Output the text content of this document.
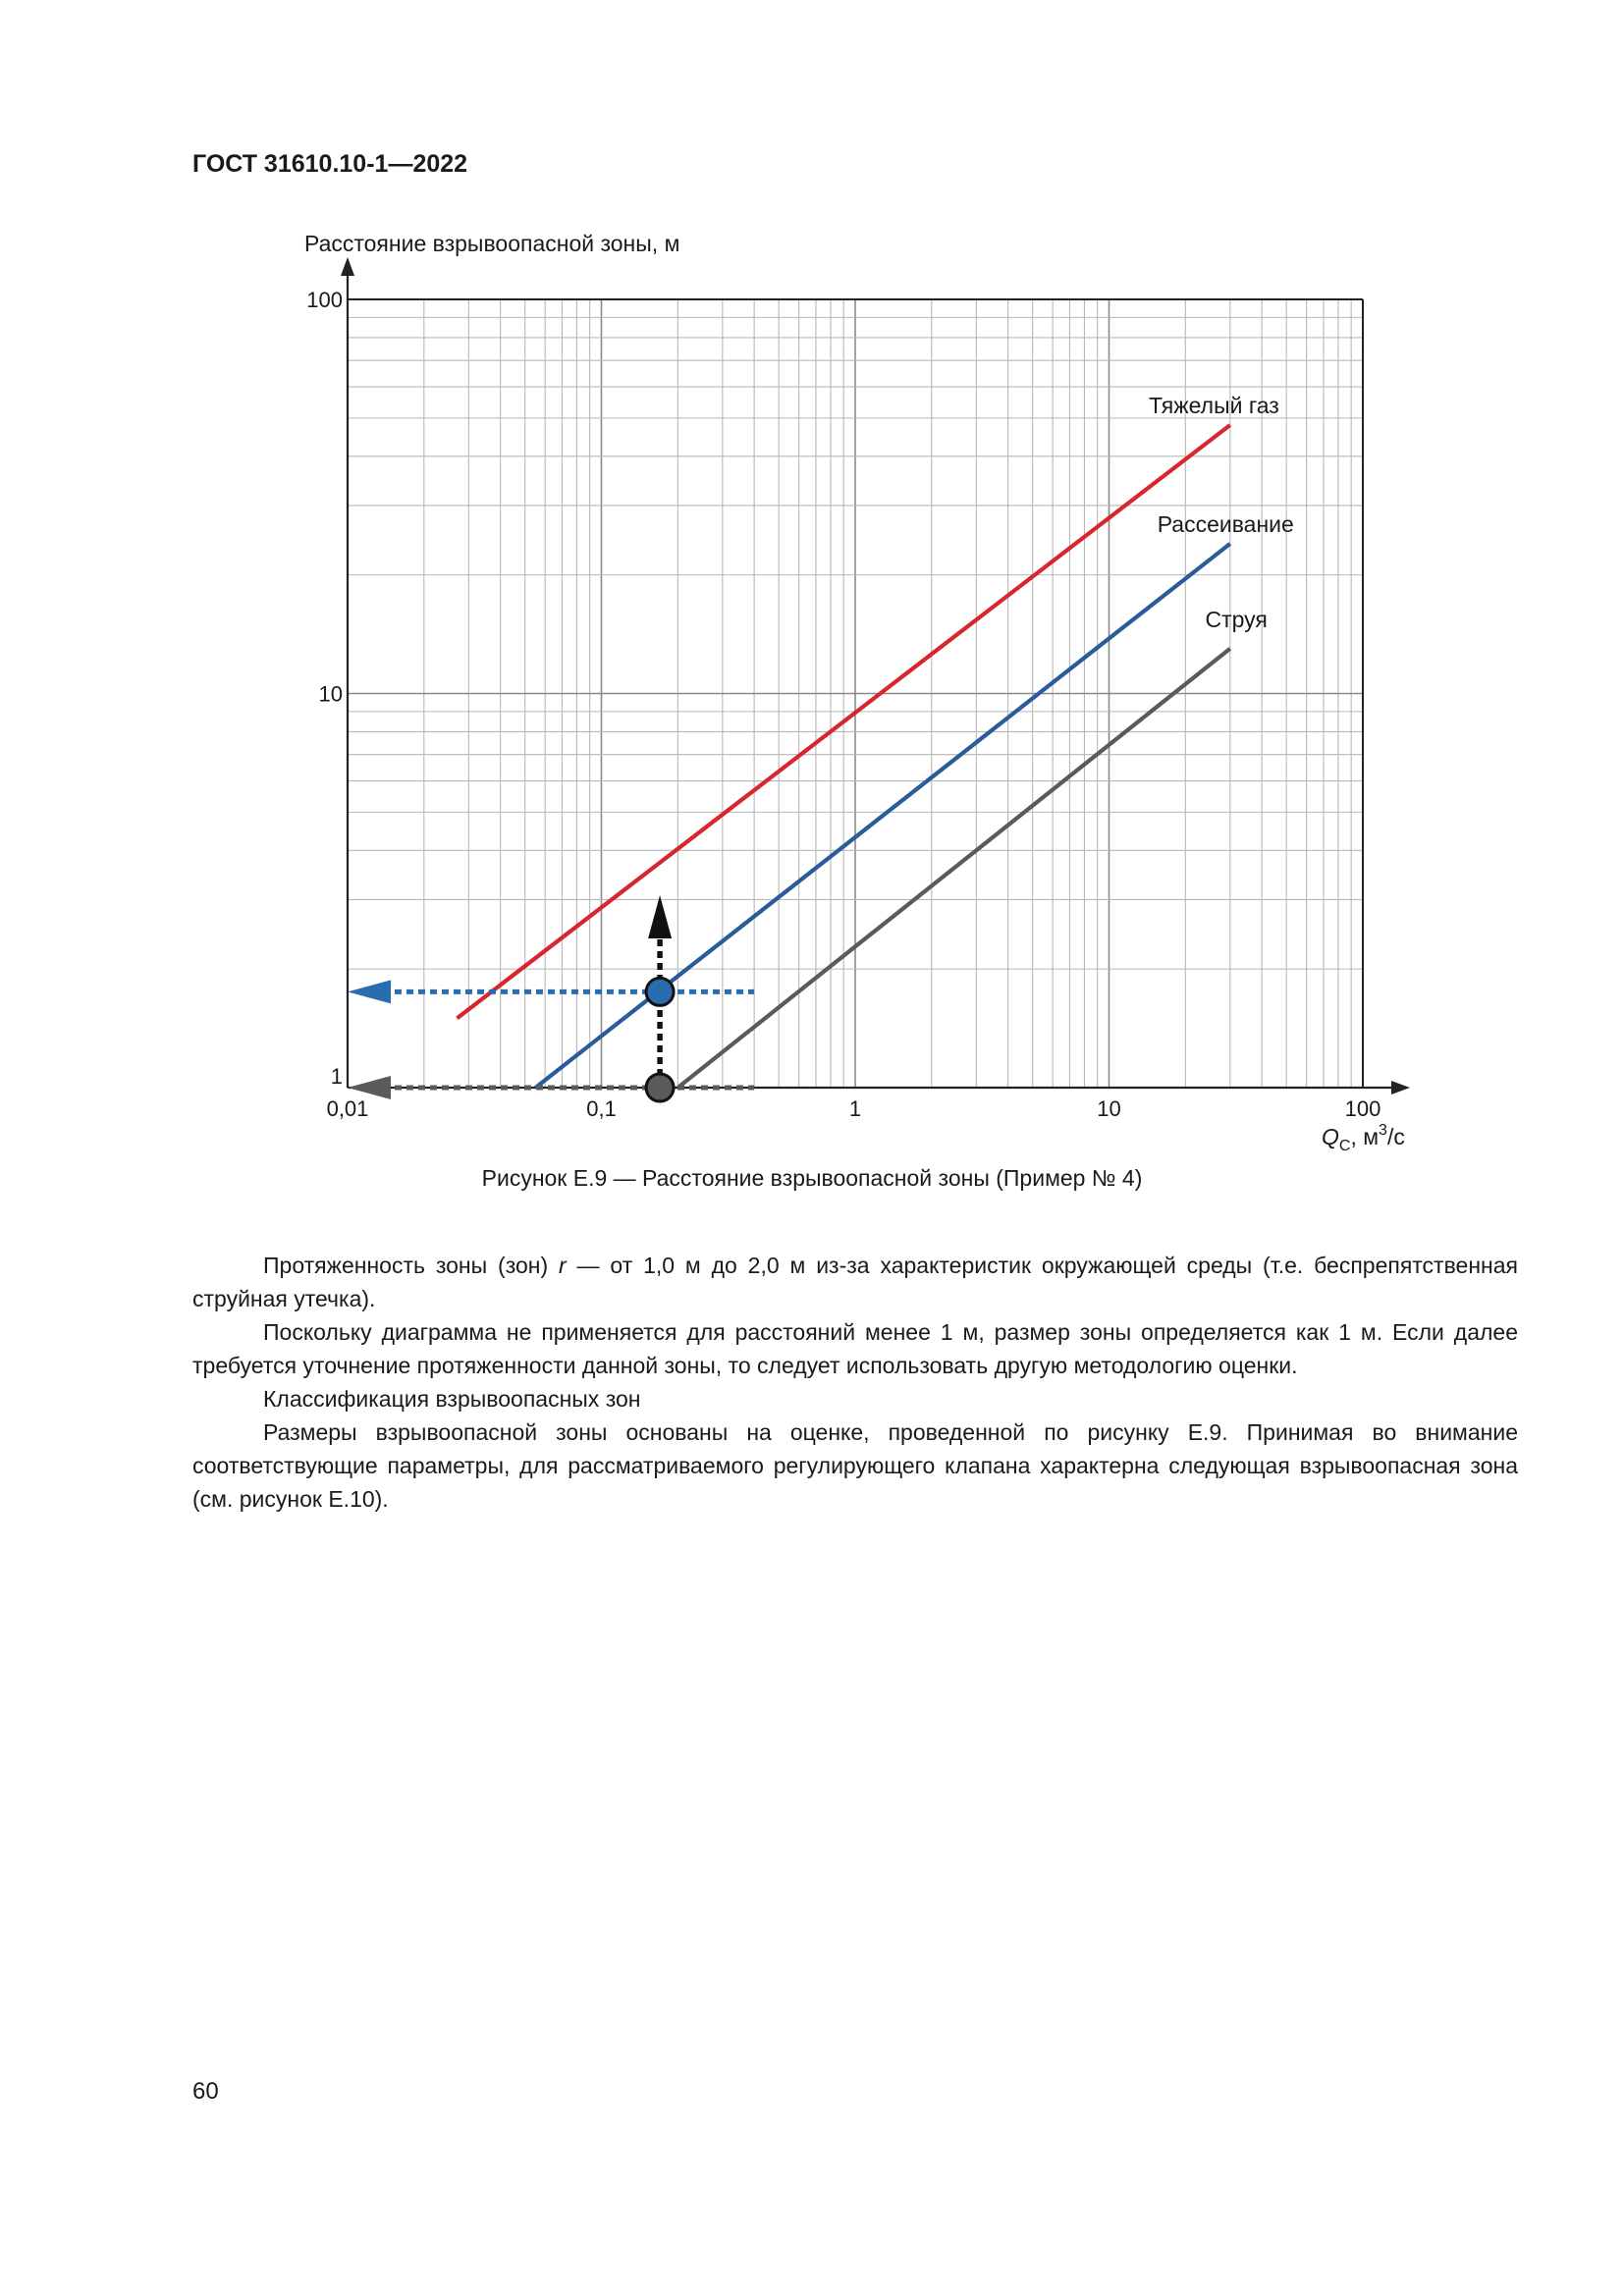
ГОСТ 31610.10-1—2022
Тяжелый газ
Рассеивание
Струя
0,01	0,1	1	10	100
1
10
100
Расстояние взрывоопасной зоны, м
$Q_C$, $м^3/с$
Рисунок Е.9 — Расстояние взрывоопасной зоны (Пример № 4)

Протяженность зоны (зон) r — от 1,0 м до 2,0 м из-за характеристик окружающей среды (т.е. беспрепятственная струйная утечка).

Поскольку диаграмма не применяется для расстояний менее 1 м, размер зоны определяется как 1 м. Если далее требуется уточнение протяженности данной зоны, то следует использовать другую методологию оценки.

Классификация взрывоопасных зон

Размеры взрывоопасной зоны основаны на оценке, проведенной по рисунку Е.9. Принимая во внимание соответствующие параметры, для рассматриваемого регулирующего клапана характерна следующая взрывоопасная зона (см. рисунок Е.10).

60
